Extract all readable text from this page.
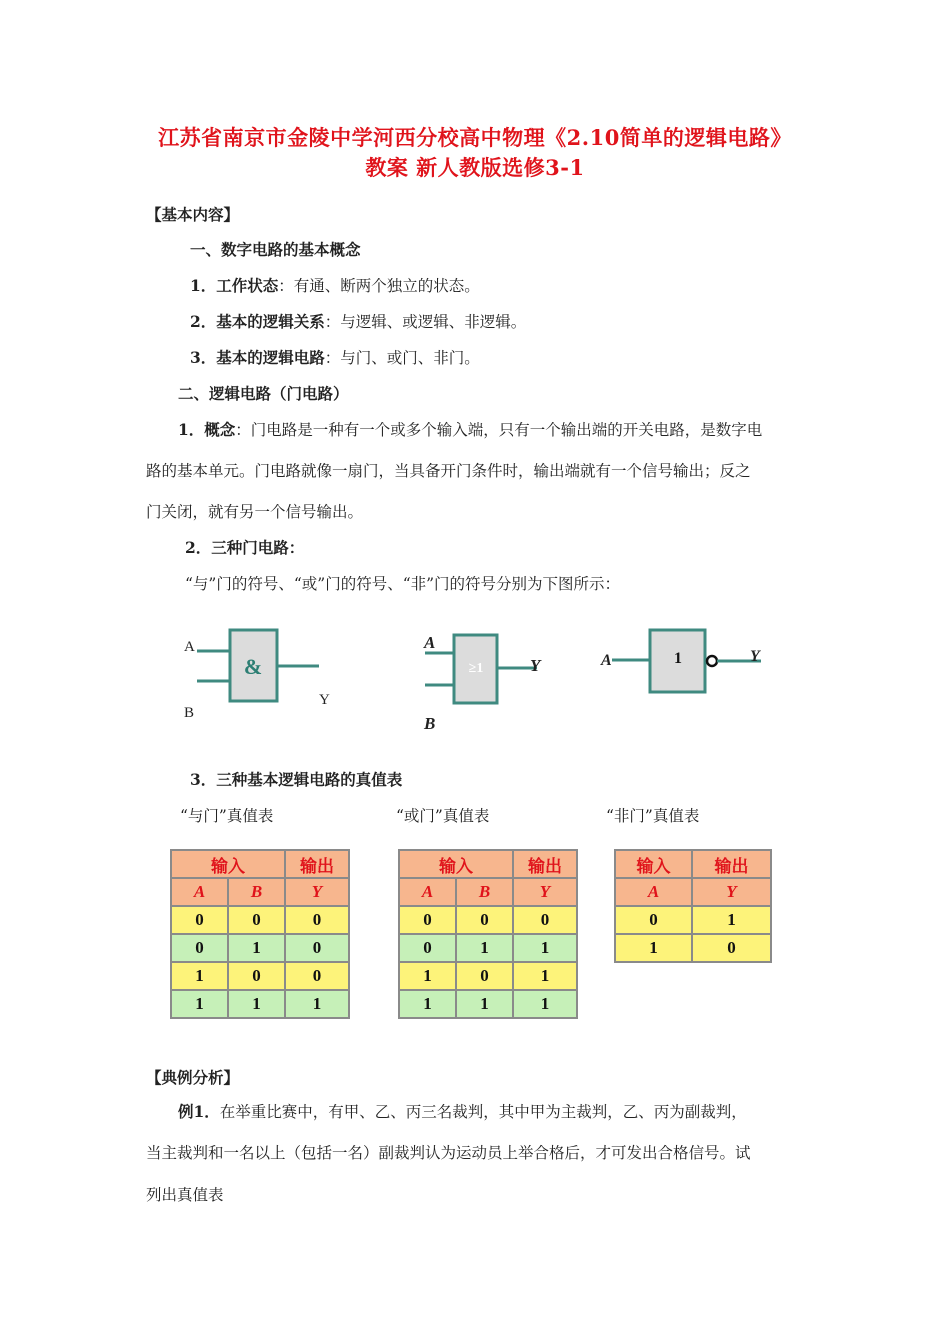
江苏省南京市金陵中学河西分校高中物理《2.10简单的逻辑电路》
教案 新人教版选修3-1
【基本内容】
一、数字电路的基本概念
1．工作状态：有通、断两个独立的状态。
2．基本的逻辑关系：与逻辑、或逻辑、非逻辑。
3．基本的逻辑电路：与门、或门、非门。
二、逻辑电路（门电路）
1．概念：门电路是一种有一个或多个输入端，只有一个输出端的开关电路，是数字电
路的基本单元。门电路就像一扇门，当具备开门条件时，输出端就有一个信号输出；反之
门关闭，就有另一个信号输出。
2．三种门电路：
“与”门的符号、“或”门的符号、“非”门的符号分别为下图所示：
&
A
B
Y
≥1
A
B
Y	1
A	Y
3．三种基本逻辑电路的真值表
“与门”真值表	“或门”真值表	“非门”真值表
输入		输出
A	B	Y
0	0	0
0	1	0
1	0	0
1	1	1
输入		输出
A	B	Y
0	0	0
0	1	1
1	0	1
1	1	1
输入	输出
A	Y
0	1
1	0
【典例分析】
例1．在举重比赛中，有甲、乙、丙三名裁判，其中甲为主裁判，乙、丙为副裁判，
当主裁判和一名以上（包括一名）副裁判认为运动员上举合格后，才可发出合格信号。试
列出真值表
